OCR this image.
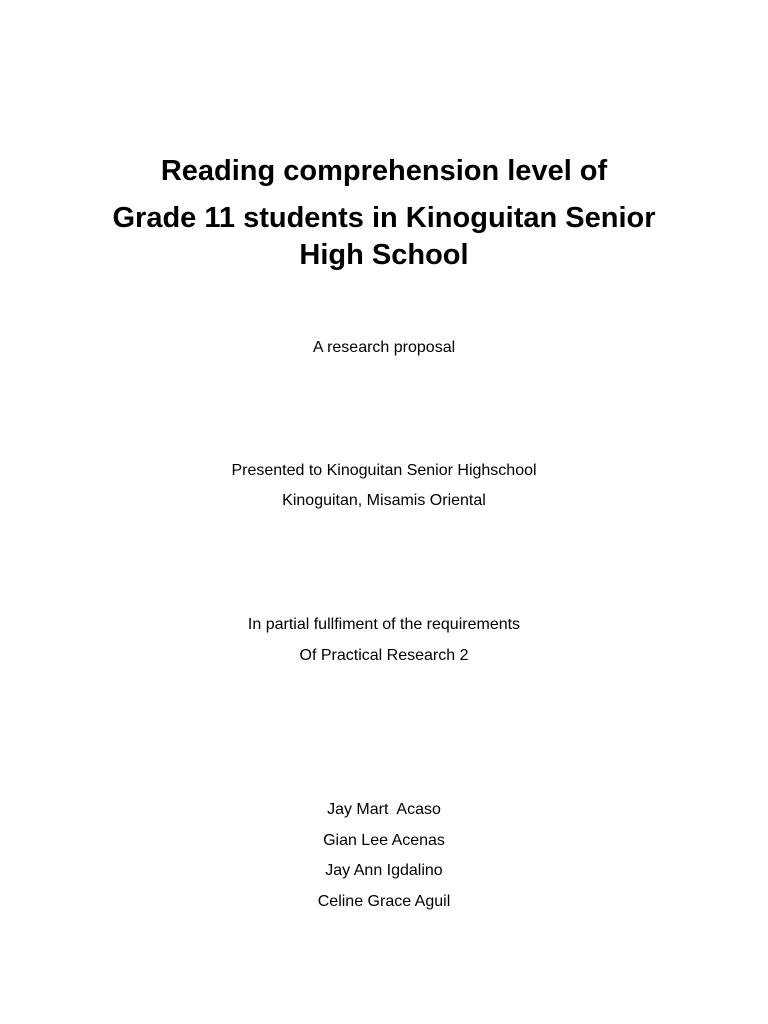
Reading comprehension level of
Grade 11 students in Kinoguitan Senior
High School
A research proposal
Presented to Kinoguitan Senior Highschool
Kinoguitan, Misamis Oriental
In partial fullfiment of the requirements
Of Practical Research 2
Jay Mart  Acaso
Gian Lee Acenas
Jay Ann Igdalino
Celine Grace Aguil
